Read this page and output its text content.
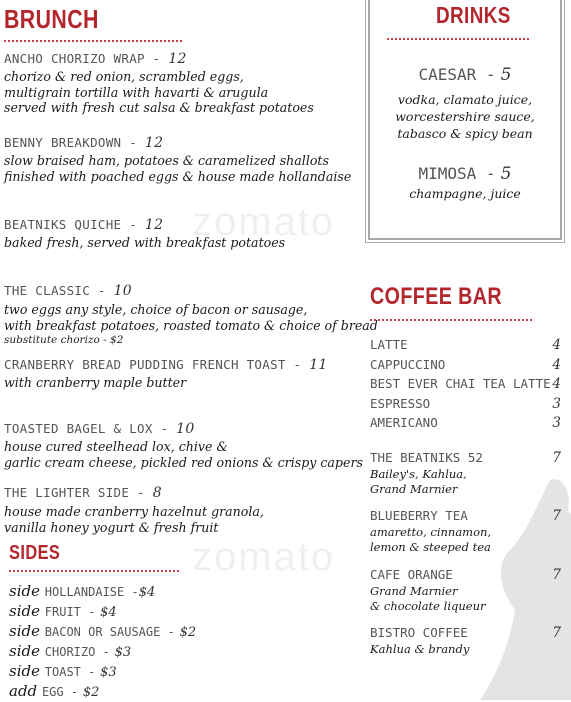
zomato
zomato
BRUNCH
ANCHO CHORIZO WRAP - 12
chorizo & red onion, scrambled eggs,
multigrain tortilla with havarti & arugula
served with fresh cut salsa & breakfast potatoes
BENNY BREAKDOWN - 12
slow braised ham, potatoes & caramelized shallots
finished with poached eggs & house made hollandaise
BEATNIKS QUICHE - 12
baked fresh, served with breakfast potatoes
THE CLASSIC - 10
two eggs any style, choice of bacon or sausage,
with breakfast potatoes, roasted tomato & choice of bread
substitute chorizo - $2
CRANBERRY BREAD PUDDING FRENCH TOAST - 11
with cranberry maple butter
TOASTED BAGEL & LOX - 10
house cured steelhead lox, chive &
garlic cream cheese, pickled red onions & crispy capers
THE LIGHTER SIDE - 8
house made cranberry hazelnut granola,
vanilla honey yogurt & fresh fruit
SIDES
side HOLLANDAISE -$4
side FRUIT - $4
side BACON OR SAUSAGE - $2
side CHORIZO - $3
side TOAST - $3
add EGG - $2
DRINKS
CAESAR - 5
vodka, clamato juice,
worcestershire sauce,
tabasco & spicy bean
MIMOSA - 5
champagne, juice
COFFEE BAR
LATTE	4
CAPPUCCINO	4
BEST EVER CHAI TEA LATTE 4
ESPRESSO	3
AMERICANO	3
THE BEATNIKS 52	7
Bailey's, Kahlua,
Grand Marnier
BLUEBERRY TEA	7
amaretto, cinnamon,
lemon & steeped tea
CAFE ORANGE	7
Grand Marnier
& chocolate liqueur
BISTRO COFFEE	7
Kahlua & brandy
